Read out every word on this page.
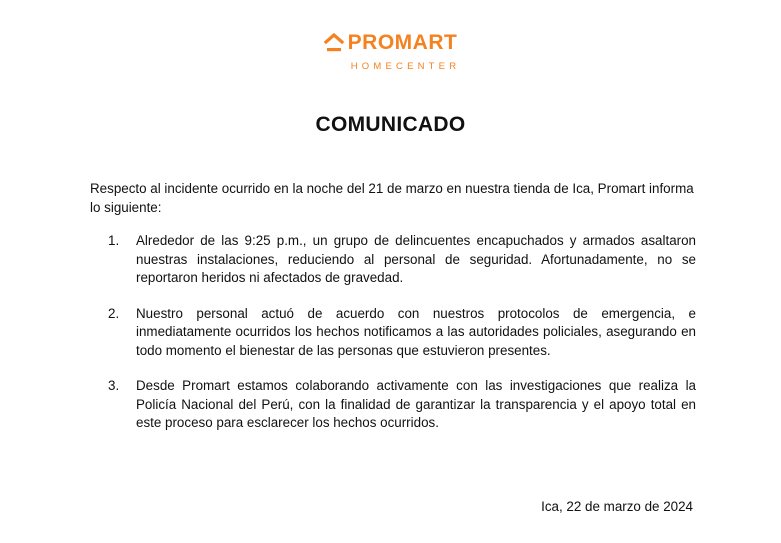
PROMART
HOMECENTER
COMUNICADO
Respecto al incidente ocurrido en la noche del 21 de marzo en nuestra tienda de Ica, Promart informa lo siguiente:
1.	Alrededor de las 9:25 p.m., un grupo de delincuentes encapuchados y armados asaltaron nuestras instalaciones, reduciendo al personal de seguridad. Afortunadamente, no se reportaron heridos ni afectados de gravedad.
2.	Nuestro personal actuó de acuerdo con nuestros protocolos de emergencia, e inmediatamente ocurridos los hechos notificamos a las autoridades policiales, asegurando en todo momento el bienestar de las personas que estuvieron presentes.
3.	Desde Promart estamos colaborando activamente con las investigaciones que realiza la Policía Nacional del Perú, con la finalidad de garantizar la transparencia y el apoyo total en este proceso para esclarecer los hechos ocurridos.
Ica, 22 de marzo de 2024
